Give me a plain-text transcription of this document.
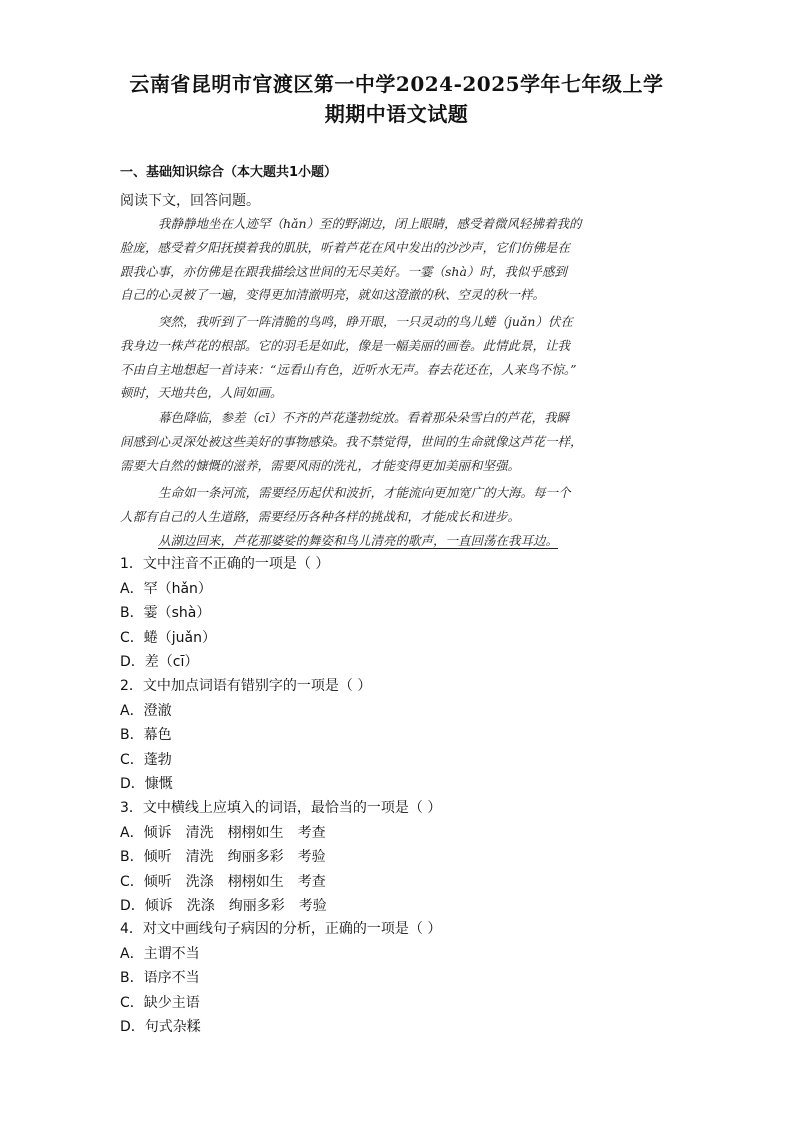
云南省昆明市官渡区第一中学2024-2025学年七年级上学
期期中语文试题
一、基础知识综合（本大题共1小题）
阅读下文，回答问题。
我静静地坐在人迹罕（hǎn）至的野湖边，闭上眼睛，感受着微风轻拂着我的
脸庞，感受着夕阳抚摸着我的肌肤，听着芦花在风中发出的沙沙声，它们仿佛是在
跟我心事，亦仿佛是在跟我描绘这世间的无尽美好。一霎（shà）时，我似乎感到
自己的心灵被了一遍，变得更加清澈明亮，就如这澄澈的秋、空灵的秋一样。
突然，我听到了一阵清脆的鸟鸣，睁开眼，一只灵动的鸟儿蜷（juǎn）伏在
我身边一株芦花的根部。它的羽毛是如此，像是一幅美丽的画卷。此情此景，让我
不由自主地想起一首诗来：“远看山有色，近听水无声。春去花还在，人来鸟不惊。”
顿时，天地共色，人间如画。
幕色降临，参差（cī）不齐的芦花蓬勃绽放。看着那朵朵雪白的芦花，我瞬
间感到心灵深处被这些美好的事物感染。我不禁觉得，世间的生命就像这芦花一样，
需要大自然的慷慨的滋养，需要风雨的洗礼，才能变得更加美丽和坚强。
生命如一条河流，需要经历起伏和波折，才能流向更加宽广的大海。每一个
人都有自己的人生道路，需要经历各种各样的挑战和，才能成长和进步。
从湖边回来，芦花那婆娑的舞姿和鸟儿清亮的歌声，一直回荡在我耳边。
1．文中注音不正确的一项是（ ）
A．罕（hǎn）
B．霎（shà）
C．蜷（juǎn）
D．差（cī）
2．文中加点词语有错别字的一项是（ ）
A．澄澈
B．幕色
C．蓬勃
D．慷慨
3．文中横线上应填入的词语，最恰当的一项是（ ）
A．倾诉　清洗　栩栩如生　考查
B．倾听　清洗　绚丽多彩　考验
C．倾听　洗涤　栩栩如生　考查
D．倾诉　洗涤　绚丽多彩　考验
4．对文中画线句子病因的分析，正确的一项是（ ）
A．主谓不当
B．语序不当
C．缺少主语
D．句式杂糅
